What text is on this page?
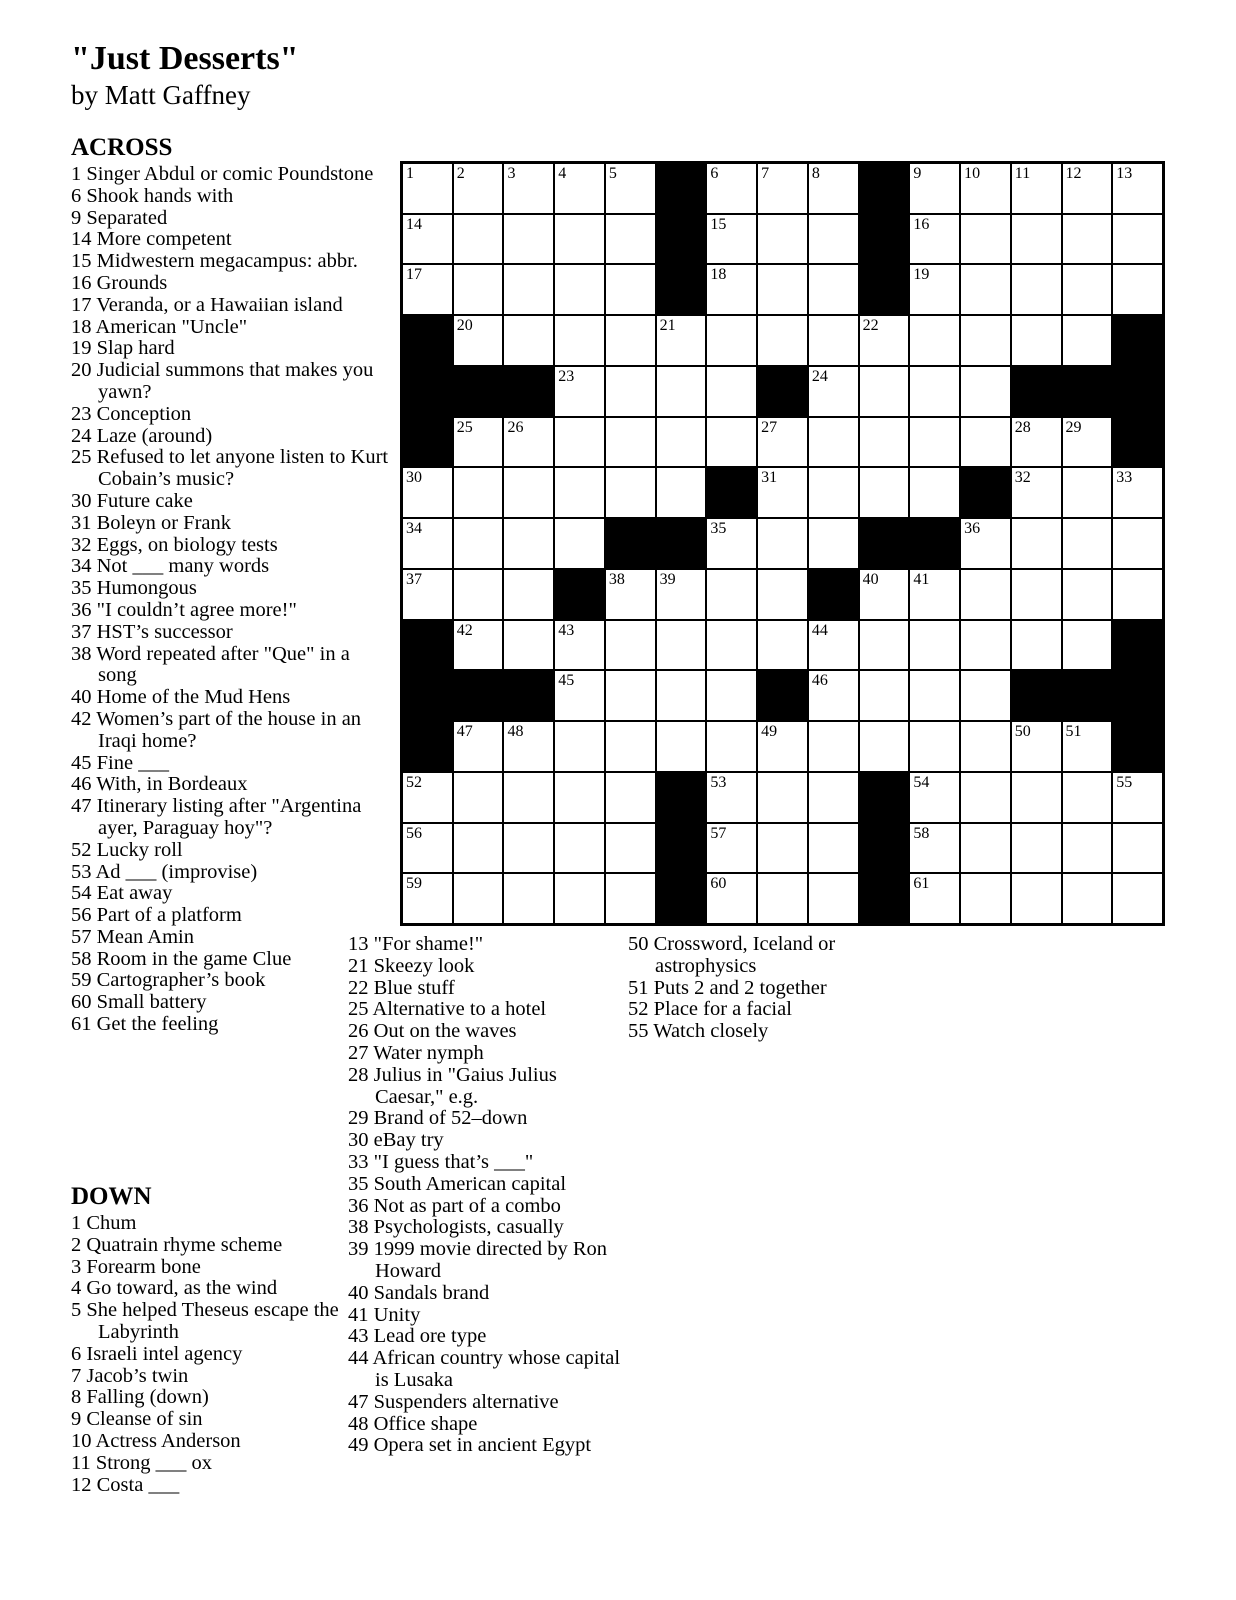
"Just Desserts"
by Matt Gaffney
ACROSS
1 Singer Abdul or comic Poundstone
6 Shook hands with
9 Separated
14 More competent
15 Midwestern megacampus: abbr.
16 Grounds
17 Veranda, or a Hawaiian island
18 American "Uncle"
19 Slap hard
20 Judicial summons that makes you yawn?
23 Conception
24 Laze (around)
25 Refused to let anyone listen to Kurt Cobain’s music?
30 Future cake
31 Boleyn or Frank
32 Eggs, on biology tests
34 Not ___ many words
35 Humongous
36 "I couldn’t agree more!"
37 HST’s successor
38 Word repeated after "Que" in a song
40 Home of the Mud Hens
42 Women’s part of the house in an Iraqi home?
45 Fine ___
46 With, in Bordeaux
47 Itinerary listing after "Argentina ayer, Paraguay hoy"?
52 Lucky roll
53 Ad ___ (improvise)
54 Eat away
56 Part of a platform
57 Mean Amin
58 Room in the game Clue
59 Cartographer’s book
60 Small battery
61 Get the feeling
1	2	3	4	5	6	7	8	9	10 11 12 13
14	15	16
17	18	19
20	21	22
23	24
25 26	27	28 29
30	31	32	33
34	35	36
37	38 39	40 41
42	43	44
45	46
47 48	49	50 51
52	53	54	55
56	57	58
59	60	61
DOWN
1 Chum
2 Quatrain rhyme scheme
3 Forearm bone
4 Go toward, as the wind
5 She helped Theseus escape the Labyrinth
6 Israeli intel agency
7 Jacob’s twin
8 Falling (down)
9 Cleanse of sin
10 Actress Anderson
11 Strong ___ ox
12 Costa ___
13 "For shame!"
21 Skeezy look
22 Blue stuff
25 Alternative to a hotel
26 Out on the waves
27 Water nymph
28 Julius in "Gaius Julius Caesar," e.g.
29 Brand of 52–down
30 eBay try
33 "I guess that’s ___"
35 South American capital
36 Not as part of a combo
38 Psychologists, casually
39 1999 movie directed by Ron Howard
40 Sandals brand
41 Unity
43 Lead ore type
44 African country whose capital is Lusaka
47 Suspenders alternative
48 Office shape
49 Opera set in ancient Egypt
50 Crossword, Iceland or astrophysics
51 Puts 2 and 2 together
52 Place for a facial
55 Watch closely
